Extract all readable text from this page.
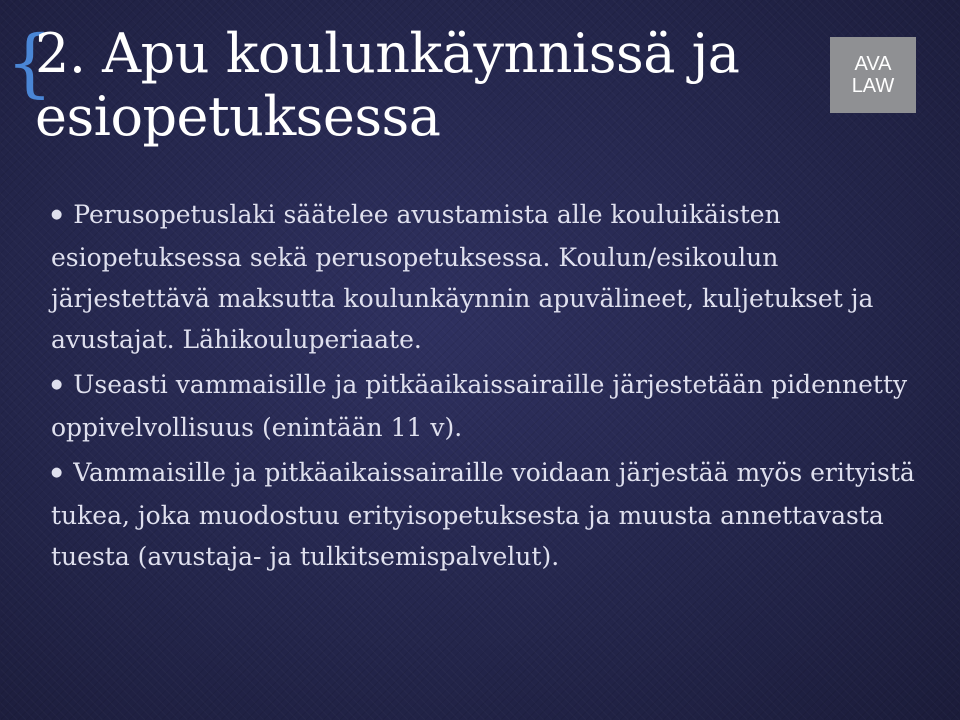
{
2. Apu koulunkäynnissä ja esiopetuksessa
AVA
LAW
● Perusopetuslaki säätelee avustamista alle kouluikäisten esiopetuksessa sekä perusopetuksessa. Koulun/esikoulun järjestettävä maksutta koulunkäynnin apuvälineet, kuljetukset ja avustajat. Lähikouluperiaate.
● Useasti vammaisille ja pitkäaikaissairaille järjestetään pidennetty oppivelvollisuus (enintään 11 v).
● Vammaisille ja pitkäaikaissairaille voidaan järjestää myös erityistä tukea, joka muodostuu erityisopetuksesta ja muusta annettavasta tuesta (avustaja- ja tulkitsemispalvelut).
